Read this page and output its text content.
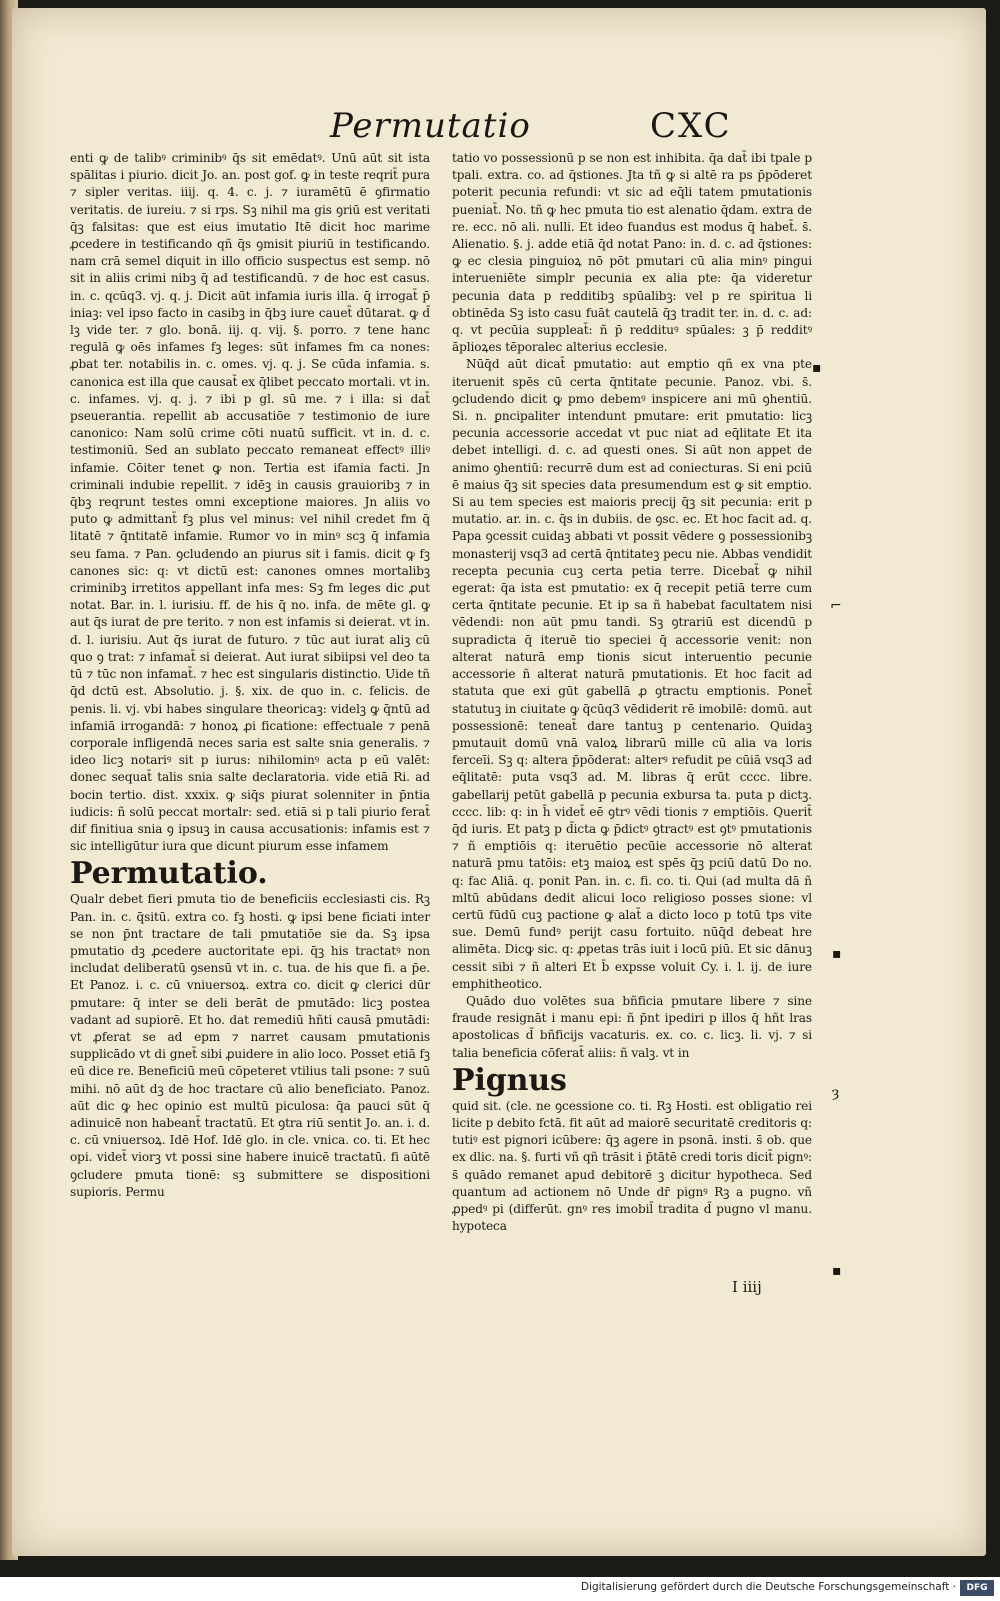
Permutatio	CXC

enti ꝙ de talibꝰ criminibꝰ q̄s sit emēdatꝰ. Unū aūt sit ista spālitas i piurio. dicit Jo. an. post gof. ꝙ in teste reqrit̄ pura ⁊ sipler veritas. iiij. q. 4. c. j. ⁊ iuramētū ē ꝯfirmatio veritatis. de iureiu. ⁊ si rps. Sꝫ nihil ma gis ꝯriū est veritati q̄ꝫ falsitas: que est eius imutatio Itē dicit hoc marime ꝓcedere in testificando qñ q̄s ꝯmisit piuriū in testificando. nam crā semel diquit in illo officio suspectus est semp. nō sit in aliis crimi nibꝫ q̄ ad testificandū. ⁊ de hoc est casus. in. c. qcūq3. vj. q. j. Dicit aūt infamia iuris illa. q̄ irrogat̄ p̄ iniaꝫ: vel ipso facto in casibꝫ in q̄bꝫ iure cauet̄ dūtarat. ꝙ d̄ lꝫ vide ter. ⁊ glo. bonā. iij. q. vij. §. porro. ⁊ tene hanc regulā ꝙ oēs infames fꝫ leges: sūt infames fm ca nones: ꝓbat ter. notabilis in. c. omes. vj. q. j. Se cūda infamia. s. canonica est illa que causat̄ ex q̄libet peccato mortali. vt in. c. infames. vj. q. j. ⁊ ibi p gl. sū me. ⁊ i illa: si dat̄ pseuerantia. repellit ab accusatiōe ⁊ testimonio de iure canonico: Nam solū crime cōti nuatū sufficit. vt in. d. c. testimoniū. Sed an sublato peccato remaneat effectꝰ illiꝰ infamie. Cōiter tenet ꝙ non. Tertia est ifamia facti. Jn criminali indubie repellit. ⁊ idēꝫ in causis grauioribꝫ ⁊ in q̄bꝫ reqrunt testes omni exceptione maiores. Jn aliis vo puto ꝙ admittant̄ fꝫ plus vel minus: vel nihil credet fm q̄ litatē ⁊ q̄ntitatē infamie. Rumor vo in minꝰ scꝫ q̄ infamia seu fama. ⁊ Pan. ꝯcludendo an piurus sit i famis. dicit ꝙ fꝫ canones sic: q: vt dictū est: canones omnes mortalibꝫ criminibꝫ irretitos appellant infa mes: Sꝫ fm leges dic ꝓut notat. Bar. in. l. iurisiu. ff. de his q̄ no. infa. de mēte gl. ꝙ aut q̄s iurat de pre terito. ⁊ non est infamis si deierat. vt in. d. l. iurisiu. Aut q̄s iurat de futuro. ⁊ tūc aut iurat aliꝫ cū quo ꝯ trat: ⁊ infamat̄ si deierat. Aut iurat sibiipsi vel deo ta tū ⁊ tūc non infamat̄. ⁊ hec est singularis distinctio. Uide tñ q̄d dctū est. Absolutio. j. §. xix. de quo in. c. felicis. de penis. li. vj. vbi habes singulare theoricaꝫ: videlꝫ ꝙ q̄ntū ad infamiā irrogandā: ⁊ honoꝝ ꝓi ficatione: effectuale ⁊ penā corporale infligendā neces saria est salte snia generalis. ⁊ ideo licꝫ notariꝰ sit p iurus: nihilominꝰ acta p eū valēt: donec sequat̄ talis snia salte declaratoria. vide etiā Ri. ad bocin tertio. dist. xxxix. ꝙ siq̄s piurat solenniter in p̄ntia iudicis: ñ solū peccat mortalr: sed. etiā si p tali piurio ferat̄ dif finitiua snia ꝯ ipsuꝫ in causa accusationis: infamis est ⁊ sic intelligūtur iura que dicunt piurum esse infamem

Permutatio.

Qualr debet fieri pmuta tio de beneficiis ecclesiasti cis. Rꝫ Pan. in. c. q̄sitū. extra co. fꝫ hosti. ꝙ ipsi bene ficiati inter se non p̄nt tractare de tali pmutatiōe sie da. Sꝫ ipsa pmutatio dꝫ ꝓcedere auctoritate epi. q̄ꝫ his tractatꝰ non includat deliberatū ꝯsensū vt in. c. tua. de his que fi. a p̄e. Et Panoz. i. c. cū vniuersoꝝ. extra co. dicit ꝙ clerici dūr pmutare: q̄ inter se deli berāt de pmutādo: licꝫ postea vadant ad supiorē. Et ho. dat remediū hñti causā pmutādi: vt ꝓferat se ad epm ⁊ narret causam pmutationis supplicādo vt di gnet̄ sibi ꝓuidere in alio loco. Posset etiā fꝫ eū dice re. Beneficiū meū cōpeteret vtilius tali psone: ⁊ suū mihi. nō aūt dꝫ de hoc tractare cū alio beneficiato. Panoz. aūt dic ꝙ hec opinio est multū piculosa: q̄a pauci sūt q̄ adinuicē non habeant̄ tractatū. Et ꝯtra riū sentit Jo. an. i. d. c. cū vniuersoꝝ. Idē Hof. Idē glo. in cle. vnica. co. ti. Et hec opi. videt̄ viorꝫ vt possi sine habere inuicē tractatū. fi aūtē ꝯcludere pmuta tionē: sꝫ submittere se dispositioni supioris. Permu

tatio vo possessionū p se non est inhibita. q̄a dat̄ ibi tpale p tpali. extra. co. ad q̄stiones. Jta tñ ꝙ si altē ra ps p̄pōderet poterit pecunia refundi: vt sic ad eq̄li tatem pmutationis pueniat̄. No. tñ ꝙ hec pmuta tio est alenatio q̄dam. extra de re. ecc. nō ali. nulli. Et ideo fuandus est modus q̄ habet̄. s̄. Alienatio. §. j. adde etiā q̄d notat Pano: in. d. c. ad q̄stiones: ꝙ ec clesia pinguioꝝ nō pōt pmutari cū alia minꝰ pingui interueniēte simplr pecunia ex alia pte: q̄a videretur pecunia data p redditibꝫ spūalibꝫ: vel p re spiritua li obtinēda Sꝫ isto casu fuāt cautelā q̄ꝫ tradit ter. in. d. c. ad: q. vt pecūia suppleat̄: ñ p̄ reddituꝰ spūales: ꝫ p̄ redditꝰ āplioꝝes tēporalec alterius ecclesie.

Nūq̄d aūt dicat̄ pmutatio: aut emptio qñ ex vna pte iteruenit spēs cū certa q̄ntitate pecunie. Panoz. vbi. s̄. ꝯcludendo dicit ꝙ pmo debemꝰ inspicere ani mū ꝯhentiū. Si. n. ꝑncipaliter intendunt pmutare: erit pmutatio: licꝫ pecunia accessorie accedat vt puc niat ad eq̄litate Et ita debet intelligi. d. c. ad questi ones. Si aūt non appet de animo ꝯhentiū: recurrē dum est ad coniecturas. Si eni pciū ē maius q̄ꝫ sit species data presumendum est ꝙ sit emptio. Si au tem species est maioris precij q̄ꝫ sit pecunia: erit p mutatio. ar. in. c. q̄s in dubiis. de ꝯsc. ec. Et hoc facit ad. q. Papa ꝯcessit cuidaꝫ abbati vt possit vēdere ꝯ possessionibꝫ monasterij vsq3 ad certā q̄ntitateꝫ pecu nie. Abbas vendidit recepta pecunia cuꝫ certa petia terre. Dicebat̄ ꝙ nihil egerat: q̄a ista est pmutatio: ex q̄ recepit petiā terre cum certa q̄ntitate pecunie. Et ip sa ñ habebat facultatem nisi vēdendi: non aūt pmu tandi. Sꝫ ꝯtrariū est dicendū p supradicta q̄ iteruē tio speciei q̄ accessorie venit: non alterat naturā emp tionis sicut interuentio pecunie accessorie ñ alterat naturā pmutationis. Et hoc facit ad statuta que exi gūt gabellā ꝓ ꝯtractu emptionis. Ponet̄ statutuꝫ in ciuitate ꝙ q̄cūq3 vēdiderit rē imobilē: domū. aut possessionē: teneat̄ dare tantuꝫ p centenario. Quidaꝫ pmutauit domū vnā valoꝝ librarū mille cū alia va loris ferceīi. Sꝫ q: altera p̄pōderat: alterꝰ refudit pe cūiā vsq3 ad eq̄litatē: puta vsq3 ad. M. libras q̄ erūt cccc. libre. gabellarij petūt gabellā p pecunia exbursa ta. puta p dictꝫ. cccc. lib: q: in h̄ videt̄ eē ꝯtrꝰ vēdi tionis ⁊ emptiōis. Querit̄ q̄d iuris. Et patꝫ p d̄icta ꝙ p̄dictꝰ ꝯtractꝰ est ꝯtꝰ pmutationis ⁊ ñ emptiōis q: iteruētio pecūie accessorie nō alterat naturā pmu tatōis: etꝫ maioꝝ est spēs q̄ꝫ pciū datū Do no. q: fac Aliā. q. ponit Pan. in. c. fi. co. ti. Qui (ad multa dā ñ mltū abūdans dedit alicui loco religioso posses sione: vl certū fūdū cuꝫ pactione ꝙ alat̄ a dicto loco p totū tps vite sue. Demū fundꝰ perijt casu fortuito. nūq̄d debeat hre alimēta. Dicꝙ sic. q: ꝓpetas trās iuit i locū piū. Et sic dānuꝫ cessit sibi ⁊ ñ alteri Et b̄ expsse voluit Cy. i. l. ij. de iure emphitheotico.

Quādo duo volētes sua bñficia pmutare libere ⁊ sine fraude resignāt i manu epi: ñ p̄nt ipediri p illos q̄ hñt lras apostolicas d̄ bñficijs vacaturis. ex. co. c. licꝫ. li. vj. ⁊ si talia beneficia cōferat̄ aliis: ñ valꝫ. vt in

Pignus

quid sit. (cle. ne ꝯcessione co. ti. Rꝫ Hosti. est obligatio rei licite p debito fctā. fit aūt ad maiorē securitatē creditoris q: tutiꝰ est pignori icūbere: q̄ꝫ agere in psonā. insti. s̄ ob. que ex dlic. na. §. furti vñ qñ trāsit i p̄tātē credi toris dicit̄ pignꝰ: s̄ quādo remanet apud debitorē ꝫ dicitur hypotheca. Sed quantum ad actionem nō Unde dr̄ pignꝰ Rꝫ a pugno. vñ ꝓpedꝰ pi (differūt. gnꝰ res imobil̄ tradita d̄ pugno vl manu. hypoteca

I iiij
▪
⌐
▪
ȝ
▪
Digitalisierung gefördert durch die Deutsche Forschungsgemeinschaft ·	DFG
